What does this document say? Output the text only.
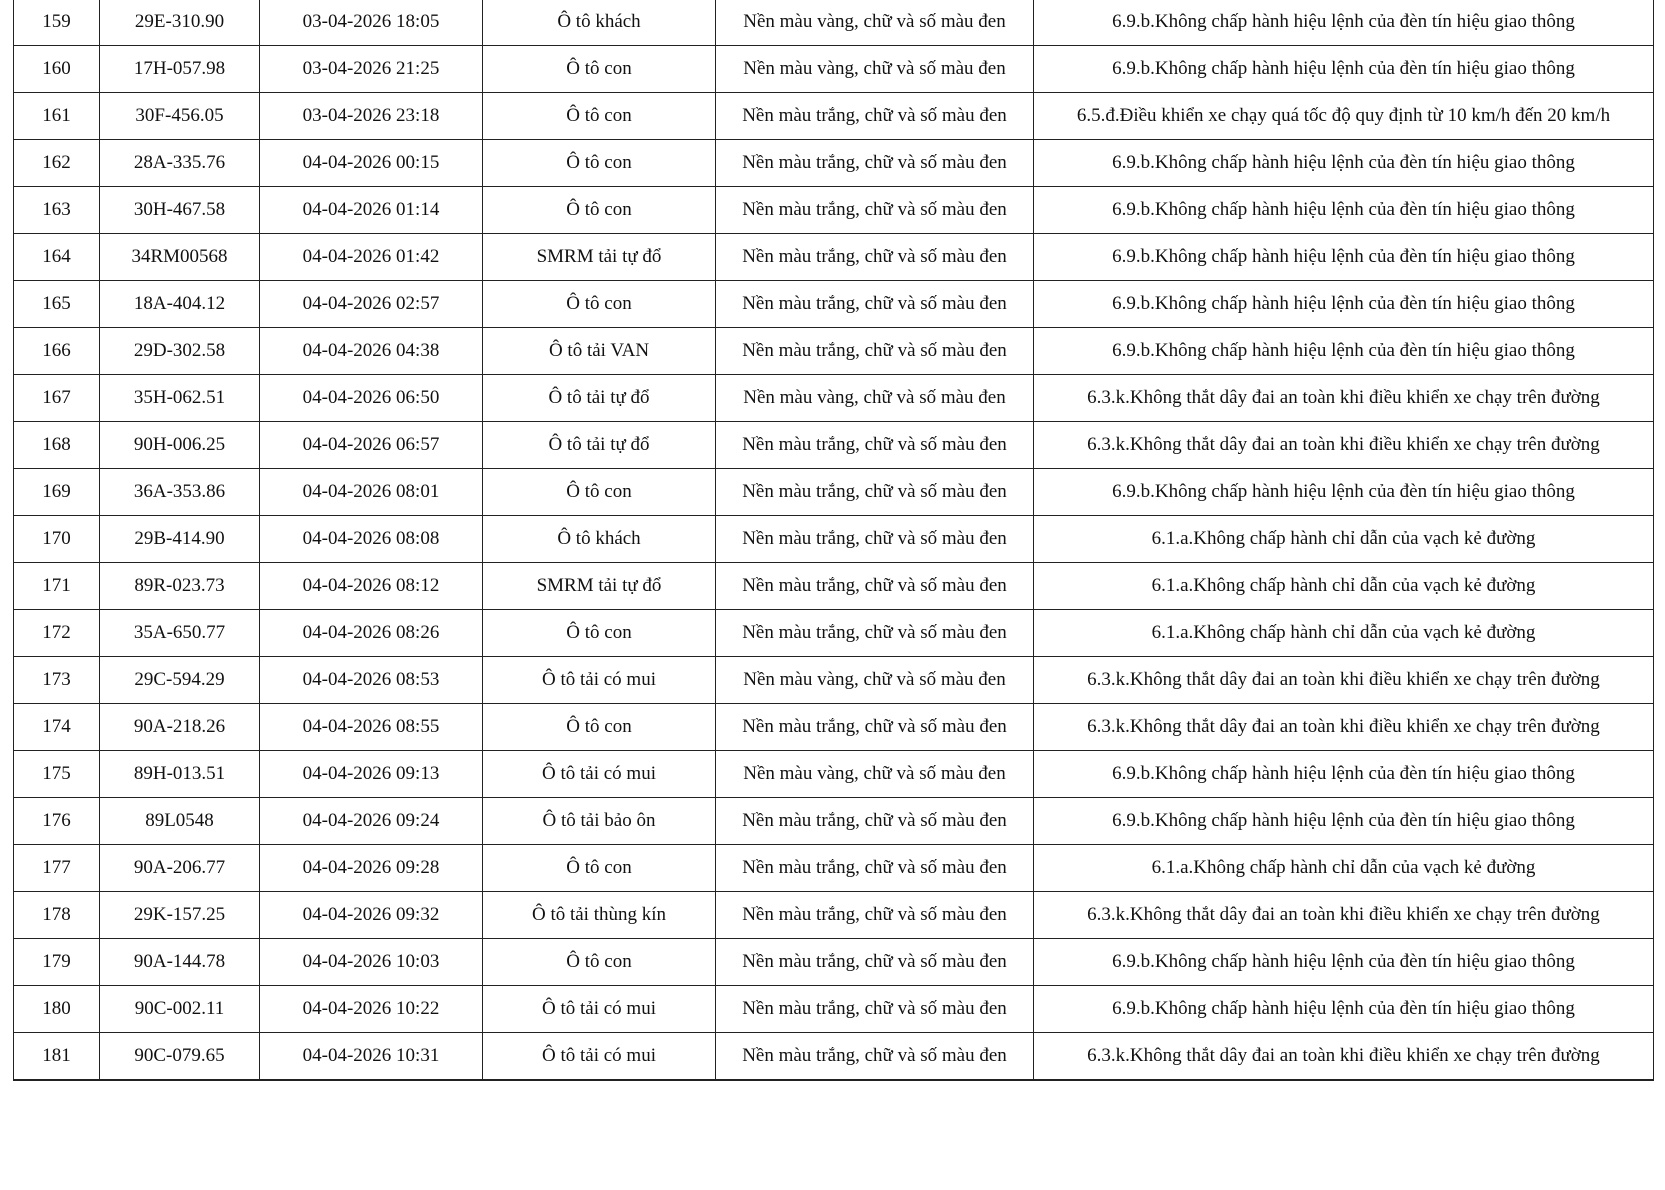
159	29E-310.90	03-04-2026 18:05	Ô tô khách	Nền màu vàng, chữ và số màu đen	6.9.b.Không chấp hành hiệu lệnh của đèn tín hiệu giao thông
160	17H-057.98	03-04-2026 21:25	Ô tô con	Nền màu vàng, chữ và số màu đen	6.9.b.Không chấp hành hiệu lệnh của đèn tín hiệu giao thông
161	30F-456.05	03-04-2026 23:18	Ô tô con	Nền màu trắng, chữ và số màu đen	6.5.đ.Điều khiển xe chạy quá tốc độ quy định từ 10 km/h đến 20 km/h
162	28A-335.76	04-04-2026 00:15	Ô tô con	Nền màu trắng, chữ và số màu đen	6.9.b.Không chấp hành hiệu lệnh của đèn tín hiệu giao thông
163	30H-467.58	04-04-2026 01:14	Ô tô con	Nền màu trắng, chữ và số màu đen	6.9.b.Không chấp hành hiệu lệnh của đèn tín hiệu giao thông
164	34RM00568	04-04-2026 01:42	SMRM tải tự đổ	Nền màu trắng, chữ và số màu đen	6.9.b.Không chấp hành hiệu lệnh của đèn tín hiệu giao thông
165	18A-404.12	04-04-2026 02:57	Ô tô con	Nền màu trắng, chữ và số màu đen	6.9.b.Không chấp hành hiệu lệnh của đèn tín hiệu giao thông
166	29D-302.58	04-04-2026 04:38	Ô tô tải VAN	Nền màu trắng, chữ và số màu đen	6.9.b.Không chấp hành hiệu lệnh của đèn tín hiệu giao thông
167	35H-062.51	04-04-2026 06:50	Ô tô tải tự đổ	Nền màu vàng, chữ và số màu đen	6.3.k.Không thắt dây đai an toàn khi điều khiển xe chạy trên đường
168	90H-006.25	04-04-2026 06:57	Ô tô tải tự đổ	Nền màu trắng, chữ và số màu đen	6.3.k.Không thắt dây đai an toàn khi điều khiển xe chạy trên đường
169	36A-353.86	04-04-2026 08:01	Ô tô con	Nền màu trắng, chữ và số màu đen	6.9.b.Không chấp hành hiệu lệnh của đèn tín hiệu giao thông
170	29B-414.90	04-04-2026 08:08	Ô tô khách	Nền màu trắng, chữ và số màu đen	6.1.a.Không chấp hành chỉ dẫn của vạch kẻ đường
171	89R-023.73	04-04-2026 08:12	SMRM tải tự đổ	Nền màu trắng, chữ và số màu đen	6.1.a.Không chấp hành chỉ dẫn của vạch kẻ đường
172	35A-650.77	04-04-2026 08:26	Ô tô con	Nền màu trắng, chữ và số màu đen	6.1.a.Không chấp hành chỉ dẫn của vạch kẻ đường
173	29C-594.29	04-04-2026 08:53	Ô tô tải có mui	Nền màu vàng, chữ và số màu đen	6.3.k.Không thắt dây đai an toàn khi điều khiển xe chạy trên đường
174	90A-218.26	04-04-2026 08:55	Ô tô con	Nền màu trắng, chữ và số màu đen	6.3.k.Không thắt dây đai an toàn khi điều khiển xe chạy trên đường
175	89H-013.51	04-04-2026 09:13	Ô tô tải có mui	Nền màu vàng, chữ và số màu đen	6.9.b.Không chấp hành hiệu lệnh của đèn tín hiệu giao thông
176	89L0548	04-04-2026 09:24	Ô tô tải bảo ôn	Nền màu trắng, chữ và số màu đen	6.9.b.Không chấp hành hiệu lệnh của đèn tín hiệu giao thông
177	90A-206.77	04-04-2026 09:28	Ô tô con	Nền màu trắng, chữ và số màu đen	6.1.a.Không chấp hành chỉ dẫn của vạch kẻ đường
178	29K-157.25	04-04-2026 09:32	Ô tô tải thùng kín	Nền màu trắng, chữ và số màu đen	6.3.k.Không thắt dây đai an toàn khi điều khiển xe chạy trên đường
179	90A-144.78	04-04-2026 10:03	Ô tô con	Nền màu trắng, chữ và số màu đen	6.9.b.Không chấp hành hiệu lệnh của đèn tín hiệu giao thông
180	90C-002.11	04-04-2026 10:22	Ô tô tải có mui	Nền màu trắng, chữ và số màu đen	6.9.b.Không chấp hành hiệu lệnh của đèn tín hiệu giao thông
181	90C-079.65	04-04-2026 10:31	Ô tô tải có mui	Nền màu trắng, chữ và số màu đen	6.3.k.Không thắt dây đai an toàn khi điều khiển xe chạy trên đường
